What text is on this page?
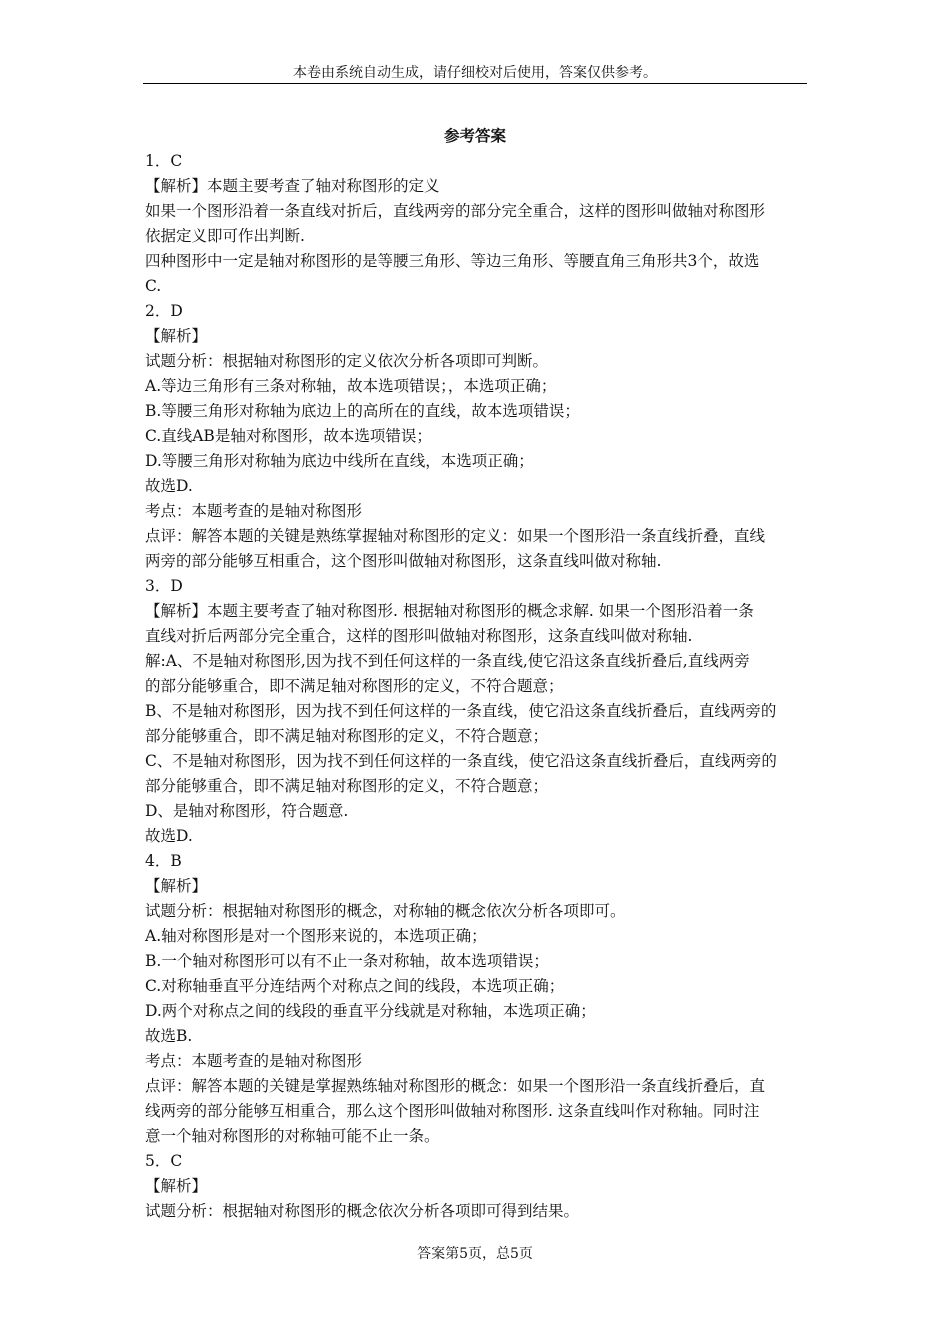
本卷由系统自动生成，请仔细校对后使用，答案仅供参考。
参考答案
1．C
【解析】本题主要考查了轴对称图形的定义
如果一个图形沿着一条直线对折后，直线两旁的部分完全重合，这样的图形叫做轴对称图形
依据定义即可作出判断.
四种图形中一定是轴对称图形的是等腰三角形、等边三角形、等腰直角三角形共3个，故选
C.
2．D
【解析】
试题分析：根据轴对称图形的定义依次分析各项即可判断。
A.等边三角形有三条对称轴，故本选项错误；，本选项正确；
B.等腰三角形对称轴为底边上的高所在的直线，故本选项错误；
C.直线AB是轴对称图形，故本选项错误；
D.等腰三角形对称轴为底边中线所在直线，本选项正确；
故选D.
考点：本题考查的是轴对称图形
点评：解答本题的关键是熟练掌握轴对称图形的定义：如果一个图形沿一条直线折叠，直线
两旁的部分能够互相重合，这个图形叫做轴对称图形，这条直线叫做对称轴.
3．D
【解析】本题主要考查了轴对称图形. 根据轴对称图形的概念求解. 如果一个图形沿着一条
直线对折后两部分完全重合，这样的图形叫做轴对称图形，这条直线叫做对称轴.
解:A、不是轴对称图形,因为找不到任何这样的一条直线,使它沿这条直线折叠后,直线两旁
的部分能够重合，即不满足轴对称图形的定义，不符合题意；
B、不是轴对称图形，因为找不到任何这样的一条直线，使它沿这条直线折叠后，直线两旁的
部分能够重合，即不满足轴对称图形的定义，不符合题意；
C、不是轴对称图形，因为找不到任何这样的一条直线，使它沿这条直线折叠后，直线两旁的
部分能够重合，即不满足轴对称图形的定义，不符合题意；
D、是轴对称图形，符合题意.
故选D.
4．B
【解析】
试题分析：根据轴对称图形的概念，对称轴的概念依次分析各项即可。
A.轴对称图形是对一个图形来说的，本选项正确；
B.一个轴对称图形可以有不止一条对称轴，故本选项错误；
C.对称轴垂直平分连结两个对称点之间的线段，本选项正确；
D.两个对称点之间的线段的垂直平分线就是对称轴，本选项正确；
故选B.
考点：本题考查的是轴对称图形
点评：解答本题的关键是掌握熟练轴对称图形的概念：如果一个图形沿一条直线折叠后，直
线两旁的部分能够互相重合，那么这个图形叫做轴对称图形. 这条直线叫作对称轴。同时注
意一个轴对称图形的对称轴可能不止一条。
5．C
【解析】
试题分析：根据轴对称图形的概念依次分析各项即可得到结果。
答案第5页，总5页
